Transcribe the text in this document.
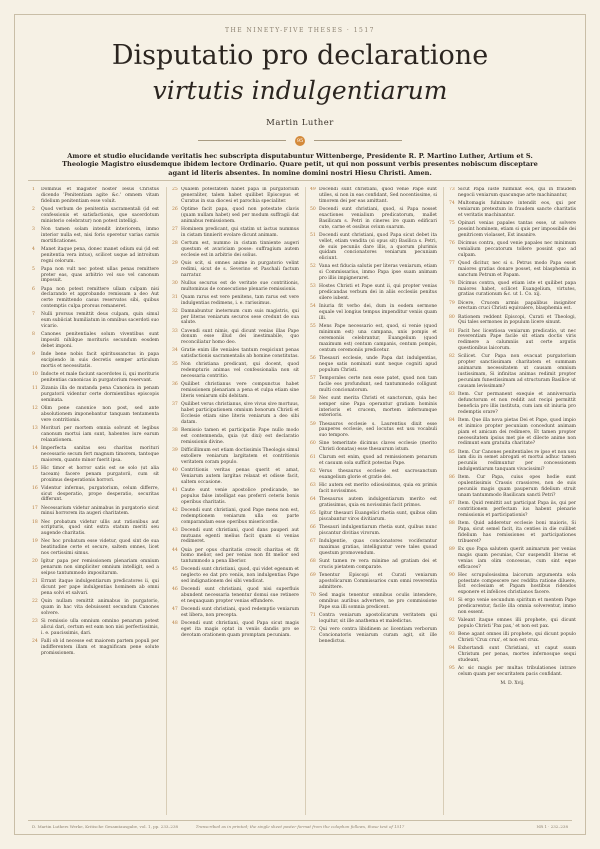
THE NINETY-FIVE THESES · 1517
Disputatio pro declaratione
virtutis indulgentiarum
Martin Luther
95
Amore et studio elucidande veritatis hec subscripta disputabuntur Wittenberge, Presidente R. P. Martino Luther, Artium et S. Theologie Magistro eiusdemque ibidem lectore Ordinario. Quare petit, ut qui non possunt verbis presentes nobiscum disceptare agant id literis absentes. In nomine domini nostri Hiesu Christi. Amen.
1	Dominus et magister noster Iesus Christus dicendo 'Penitentiam agite &c.' omnem vitam fidelium penitentiam esse voluit.
2	Quod verbum de penitentia sacramentali (id est confessionis et satisfactionis, que sacerdotum ministerio celebratur) non potest intelligi.
3	Non tamen solam intendit interiorem, immo interior nulla est, nisi foris operetur varias carnis mortificationes.
4	Manet itaque pena, donec manet odium sui (id est penitentia vera intus), scilicet usque ad introitum regni celorum.
5	Papa non vult nec potest ullas penas remittere preter eas, quas arbitrio vel suo vel canonum imposuit.
6	Papa non potest remittere ullam culpam nisi declarando et approbando remissam a deo Aut certe remittendo casus reservatos sibi, quibus contemptis culpa prorsus remaneret.
7	Nulli prorsus remittit deus culpam, quin simul eum subiiciat humiliatum in omnibus sacerdoti suo vicario.
8	Canones penitentiales solum viventibus sunt impositi nihilque morituris secundum eosdem debet imponi.
9	Inde bene nobis facit spiritussanctus in papa excipiendo in suis decretis semper articulum mortis et necessitatis.
10 Indocte et male faciunt sacerdotes ii, qui morituris penitentias canonicas in purgatorium reservant.
11 Zizania illa de mutanda pena Canonica in penam purgatorii videntur certe dormientibus episcopis seminata.
12 Olim pene canonice non post, sed ante absolutionem imponebantur tanquam tentamenta vere contritionis.
13 Morituri per mortem omnia solvunt et legibus canonum mortui iam sunt, habentes iure earum relaxationem.
14 Imperfecta sanitas seu charitas morituri necessario secum fert magnum timorem, tantoque maiorem, quanto minor fuerit ipsa.
15 Hic timor et horror satis est se solo (ut alia taceam) facere penam purgatorii, cum sit proximus desperationis horrori.
16 Videntur infernus, purgatorium, celum differre, sicut desperatio, prope desperatio, securitas differunt.
17 Necessarium videtur animabus in purgatorio sicut minui horrorem ita augeri charitatem.
18 Nec probatum videtur ullis aut rationibus aut scripturis, quod sint extra statum meriti seu augende charitatis.
19 Nec hoc probatum esse videtur, quod sint de sua beatitudine certe et secure, saltem omnes, licet nos certissimi simus.
20 Igitur papa per remissionem plenariam omnium penarum non simpliciter omnium intelligit, sed a seipso tantummodo impositarum.
21 Errant itaque indulgentiarum predicatores ii, qui dicunt per pape indulgentias hominem ab omni pena solvi et salvari.
22 Quin nullam remittit animabus in purgatorio, quam in hac vita debuissent secundum Canones solvere.
23 Si remissio ulla omnium omnino penarum potest alicui dari, certum est eam non nisi perfectissimis, i. e. paucissimis, dari.
24 Falli ob id necesse est maiorem partem populi per indifferentem illam et magnificam pene solute promissionem.
25 Qualem potestatem habet papa in purgatorium generaliter, talem habet quilibet Episcopus et Curatus in sua diocesi et parochia specialiter.
26 Optime facit papa, quod non potestate clavis (quam nullam habet) sed per modum suffragii dat animabus remissionem.
27 Hominem predicant, qui statim ut iactus nummus in cistam tinnierit evolare dicunt animam.
28 Certum est, nummo in cistam tinniente augeri questum et avariciam posse: suffragium autem ecclesie est in arbitrio dei solius.
29 Quis scit, si omnes anime in purgatorio velint redimi, sicut de s. Severino et Paschali factum narratur.
30 Nullus securus est de veritate sue contritionis, multominus de consecutione plenarie remissionis.
31 Quam rarus est vere penitens, tam rarus est vere indulgentias redimens, i. e. rarissimus.
32 Damnabuntur ineternum cum suis magistris, qui per literas veniarum securos sese credunt de sua salute.
33 Cavendi sunt nimis, qui dicunt venias illas Pape donum esse illud dei inestimabile, quo reconciliatur homo deo.
34 Gratie enim ille veniales tantum respiciunt penas satisfactionis sacramentalis ab homine constitutas.
35 Non christiana predicant, qui docent, quod redempturis animas vel confessionalia non sit necessaria contritio.
36 Quilibet christianus vere compunctus habet remissionem plenariam a pena et culpa etiam sine literis veniarum sibi debitam.
37 Quilibet verus christianus, sive vivus sive mortuus, habet participationem omnium bonorum Christi et Ecclesie etiam sine literis veniarum a deo sibi datam.
38 Remissio tamen et participatio Pape nullo modo est contemnenda, quia (ut dixi) est declaratio remissionis divine.
39 Difficillimum est etiam doctissimis Theologis simul extollere veniarum largitatem et contritionis veritatem coram populo.
40 Contritionis veritas penas querit et amat, Veniarum autem largitas relaxat et odisse facit, saltem occasione.
41 Caute sunt venie apostolice predicande, ne populus false intelligat eas preferri ceteris bonis operibus charitatis.
42 Docendi sunt christiani, quod Pape mens non est, redemptionem veniarum ulla ex parte comparandam esse operibus misericordie.
43 Docendi sunt christiani, quod dans pauperi aut mutuans egenti melius facit quam si venias redimeret.
44 Quia per opus charitatis crescit charitas et fit homo melior, sed per venias non fit melior sed tantummodo a pena liberior.
45 Docendi sunt christiani, quod, qui videt egenum et neglecto eo dat pro veniis, non indulgentias Pape sed indignationem dei sibi vendicat.
46 Docendi sunt christiani, quod nisi superfluis abundent necessaria tenentur domui sue retinere et nequaquam propter venias effundere.
47 Docendi sunt christiani, quod redemptio veniarum est libera, non precepta.
48 Docendi sunt christiani, quod Papa sicut magis eget ita magis optat in veniis dandis pro se devotam orationem quam promptam pecuniam.
49 Docendi sunt christiani, quod venie Pape sunt utiles, si non in eas confidant, Sed nocentissime, si timorem dei per eas amittant.
50 Docendi sunt christiani, quod, si Papa nosset exactiones venialium predicatorum, mallet Basilicam s. Petri in cineres ire quam edificari cute, carne et ossibus ovium suarum.
51 Docendi sunt christiani, quod Papa sicut debet ita vellet, etiam vendita (si opus sit) Basilica s. Petri, de suis pecuniis dare illis, a quorum plurimis quidam concionatores veniarum pecuniam eliciunt.
52 Vana est fiducia salutis per literas veniarum, etiam si Commissarius, immo Papa ipse suam animam pro illis impigneraret.
53 Hostes Christi et Pape sunt ii, qui propter venias predicandas verbum dei in aliis ecclesiis penitus silere iubent.
54 Iniuria fit verbo dei, dum in eodem sermone equale vel longius tempus impenditur veniis quam illi.
55 Mens Pape necessario est, quod, si venie (quod minimum est) una campana, unis pompis et ceremoniis celebrantur, Euangelium (quod maximum est) centum campanis, centum pompis, centum ceremoniis predicetur.
56 Thesauri ecclesie, unde Papa dat indulgentias, neque satis nominati sunt neque cogniti apud populum Christi.
57 Temporales certe non esse patet, quod non tam facile eos profundunt, sed tantummodo colligunt multi concionatorum.
58 Nec sunt merita Christi et sanctorum, quia hec semper sine Papa operantur gratiam hominis interioris et crucem, mortem infernumque exterioris.
59 Thesauros ecclesie s. Laurentius dixit esse pauperes ecclesie, sed locutus est usu vocabuli suo tempore.
60 Sine temeritate dicimus claves ecclesie (merito Christi donatas) esse thesaurum istum.
61 Clarum est enim, quod ad remissionem penarum et casuum sola sufficit potestas Pape.
62 Verus thesaurus ecclesie est sacrosanctum euangelium glorie et gratie dei.
63 Hic autem est merito odiosissimus, quia ex primis facit novissimos.
64 Thesaurus autem indulgentiarum merito est gratissimus, quia ex novissimis facit primos.
65 Igitur thesauri Euangelici rhetia sunt, quibus olim piscabantur viros divitiarum.
66 Thesauri indulgentiarum rhetia sunt, quibus nunc piscantur divitias virorum.
67 Indulgentie, quas concionatores vociferantur maximas gratias, intelliguntur vere tales quoad questum promovendum.
68 Sunt tamen re vera minime ad gratiam dei et crucis pietatem comparate.
69 Tenentur Episcopi et Curati veniarum apostolicarum Commissarios cum omni reverentia admittere.
70 Sed magis tenentur omnibus oculis intendere, omnibus auribus advertere, ne pro commissione Pape sua illi somnia predicent.
71 Contra veniarum apostolicarum veritatem qui loquitur, sit ille anathema et maledictus.
72 Qui vero contra libidinem ac licentiam verborum Concionatoris veniarum curam agit, sit ille benedictus.
73 Sicut Papa iuste fulminat eos, qui in fraudem negocii veniarum quacunque arte machinantur,
74 Multomagis fulminare intendit eos, qui per veniarum pretextum in fraudem sancte charitatis et veritatis machinantur.
75 Opinari venias papales tantas esse, ut solvere possint hominem, etiam si quis per impossibile dei genitricem violasset, Est insanire.
76 Dicimus contra, quod venie papales nec minimum venialium peccatorum tollere possint quo ad culpam.
77 Quod dicitur, nec si s. Petrus modo Papa esset maiores gratias donare posset, est blasphemia in sanctum Petrum et Papam.
78 Dicimus contra, quod etiam iste et quilibet papa maiores habet, scilicet Euangelium, virtutes, gratias curationum &c. ut 1. Co. xij.
79 Dicere, Crucem armis papalibus insigniter erectam cruci Christi equivalere, blasphemia est.
80 Rationem reddent Episcopi, Curati et Theologi, Qui tales sermones in populum licere sinunt.
81 Facit hec licentiosa veniarum predicatio, ut nec reverentiam Pape facile sit etiam doctis viris redimere a calumniis aut certe argutis questionibus laicorum.
82 Scilicet. Cur Papa non evacuat purgatorium propter sanctissimam charitatem et summam animarum necessitatem ut causam omnium iustissimam, Si infinitas animas redimit propter pecuniam funestissimam ad structuram Basilice ut causam levissimam?
83 Item. Cur permanent exequie et anniversaria defunctorum et non reddit aut recipi permittit beneficia pro illis instituta, cum iam sit iniuria pro redemptis orare?
84 Item. Que illa nova pietas Dei et Pape, quod impio et inimico propter pecuniam concedunt animam piam et amicam dei redimere, Et tamen propter necessitatem ipsius met pie et dilecte anime non redimunt eam gratuita charitate?
85 Item. Cur Canones penitentiales re ipso et non usu iam diu in semet abrogati et mortui adhuc tamen pecuniis redimuntur per concessionem indulgentiarum tanquam vivacissimi?
86 Item. Cur Papa, cuius opes hodie sunt opulentissimis Crassis crassiores, non de suis pecuniis magis quam pauperum fidelium struit unam tantummodo Basilicam sancti Petri?
87 Item. Quid remittit aut participat Papa iis, qui per contritionem perfectam ius habent plenarie remissionis et participationis?
88 Item. Quid adderetur ecclesie boni maioris, Si Papa, sicut semel facit, ita centies in die cuilibet fidelium has remissiones et participationes tribueret?
89 Ex quo Papa salutem querit animarum per venias magis quam pecunias, Cur suspendit literas et venias iam olim concessas, cum sint eque efficaces?
90 Hec scrupulosissima laicorum argumenta sola potestate compescere nec reddita ratione diluere, Est ecclesiam et Papam hostibus ridendos exponere et infelices christianos facere.
91 Si ergo venie secundum spiritum et mentem Pape predicarentur, facile illa omnia solverentur, immo non essent.
92 Valeant itaque omnes illi prophete, qui dicunt populo Christi 'Pax pax,' et non est pax.
93 Bene agant omnes illi prophete, qui dicunt populo Christi 'Crux crux', et non est crux.
94 Exhortandi sunt Christiani, ut caput suum Christum per penas, mortes infernosque sequi studeant,
95 Ac sic magis per multas tribulationes intrare celum quam per securitatem pacis confidant.
M. D. Xvij.
D. Martin Luthers Werke, Kritische Gesamtausgabe, vol. 1, pp. 233–238	Transcribed as in printed; the single sheet poster format from the colophon follows, those text of 1517	NR 1 · 232–238
